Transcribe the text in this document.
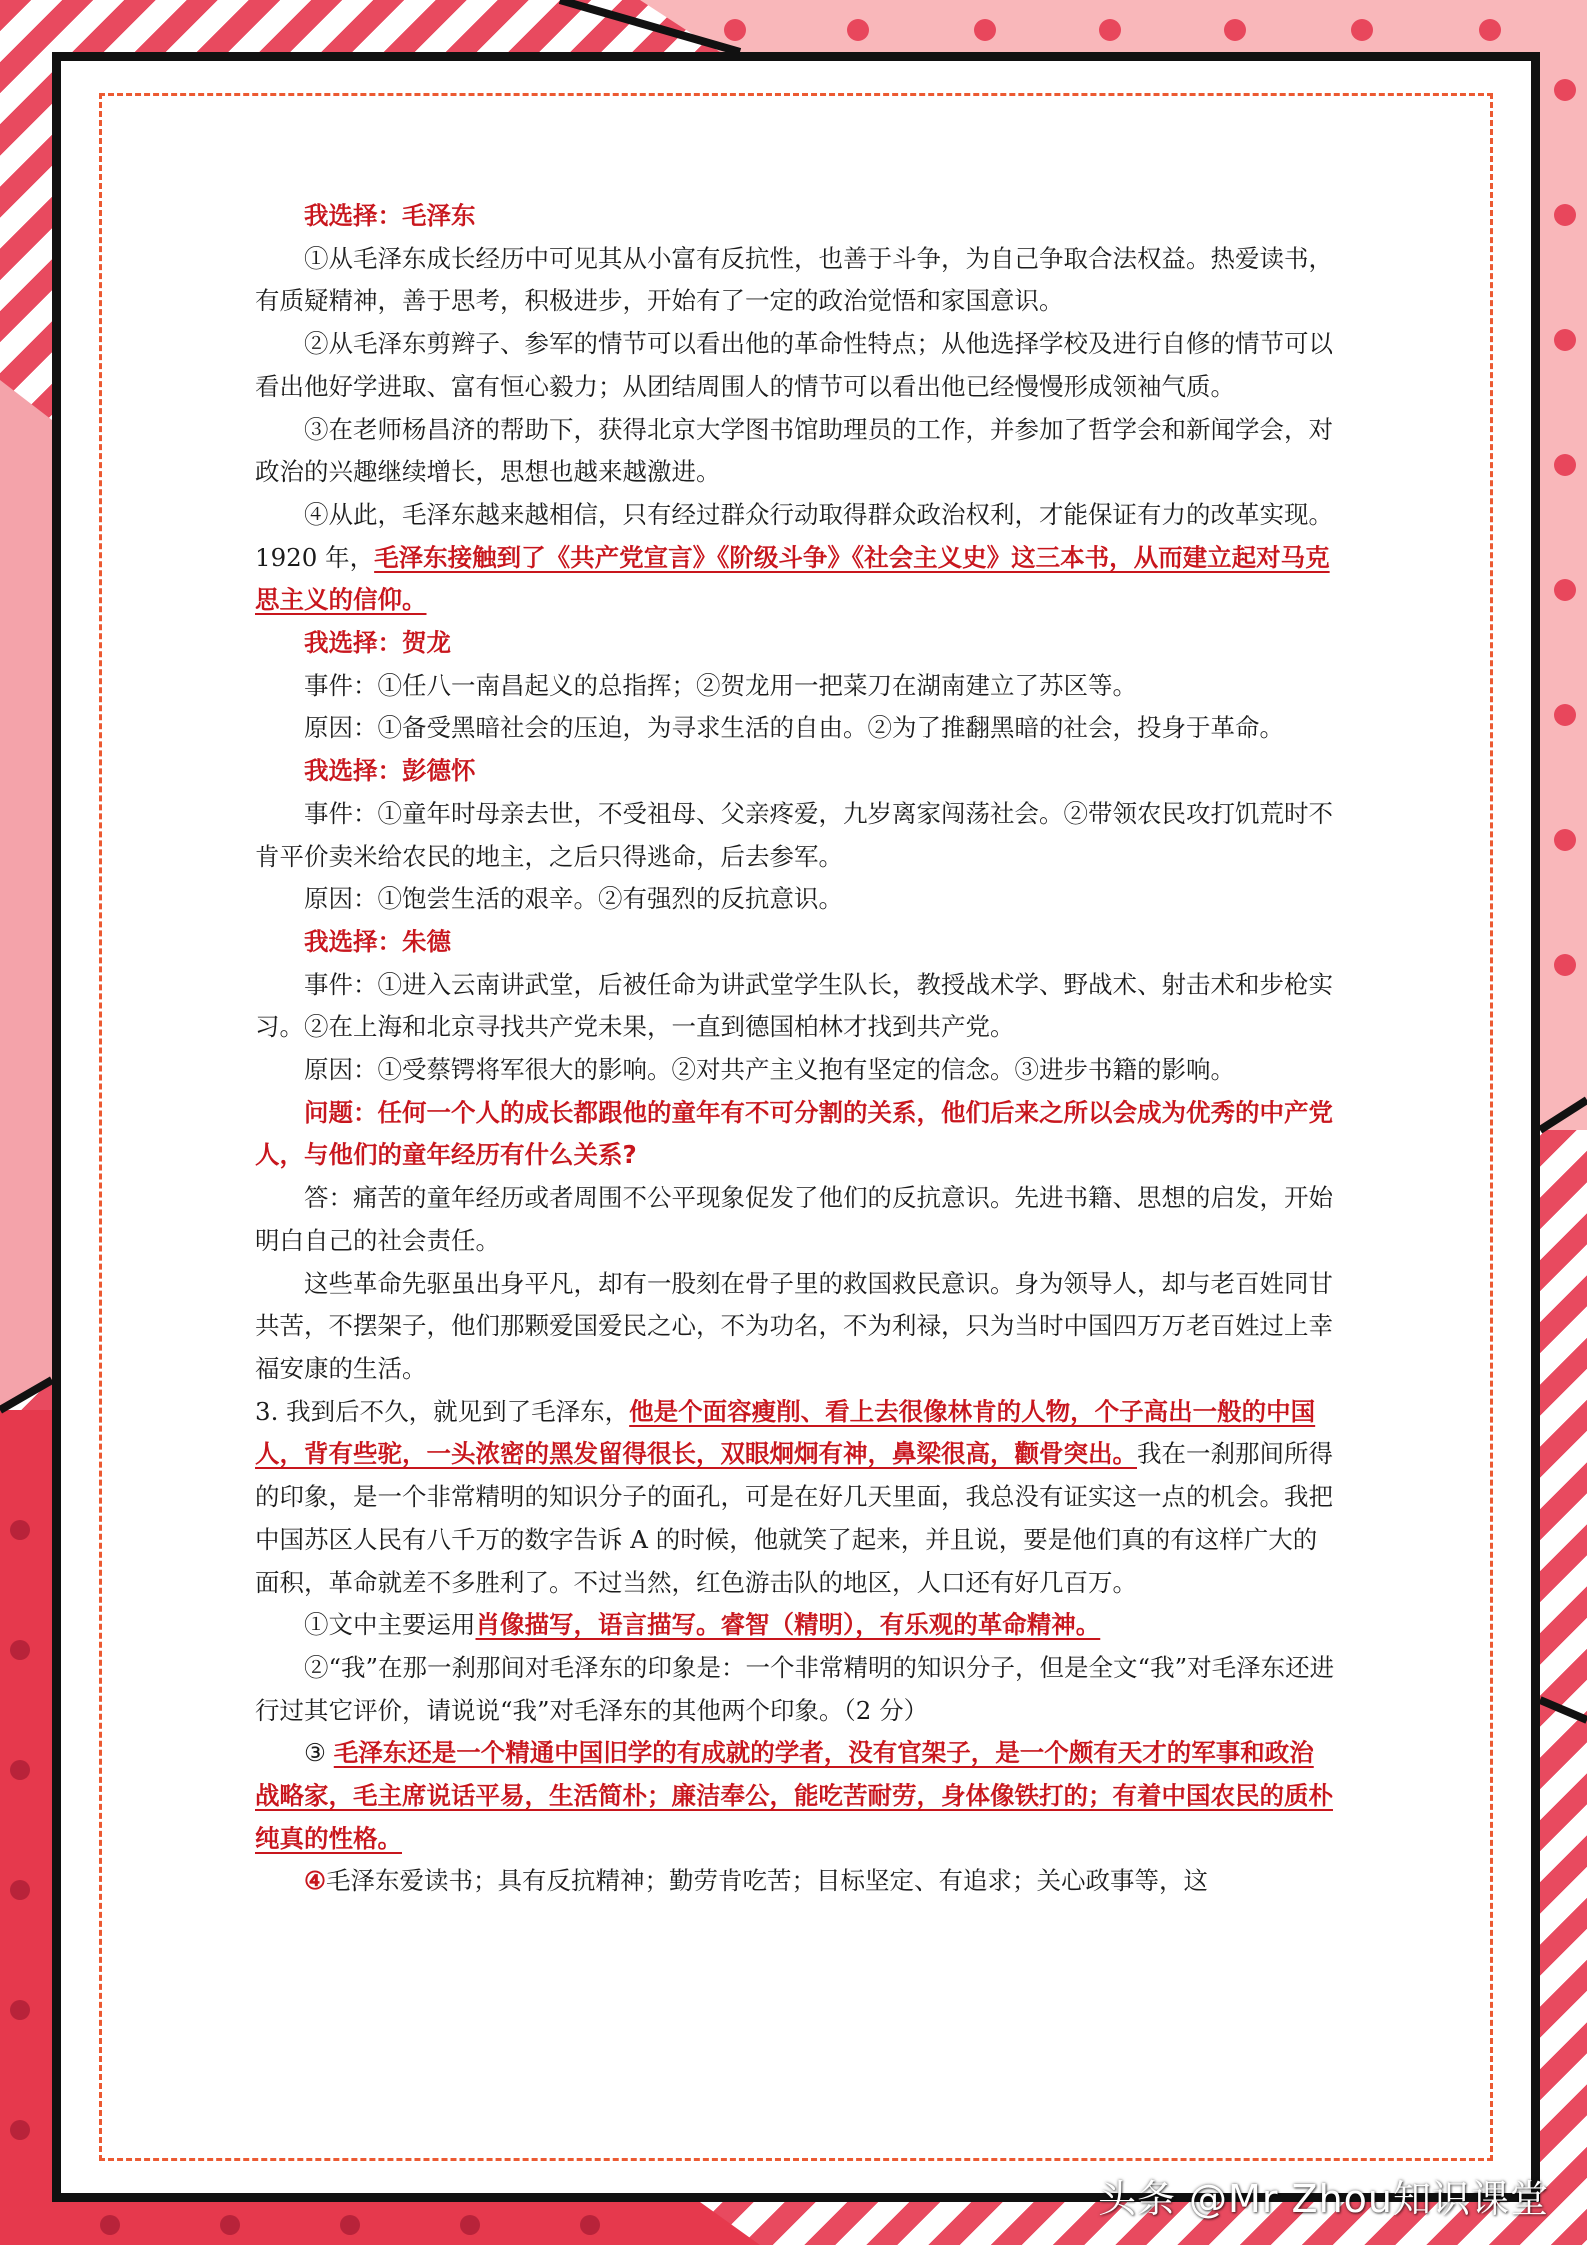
我选择：毛泽东

①从毛泽东成长经历中可见其从小富有反抗性，也善于斗争，为自己争取合法权益。热爱读书，有质疑精神，善于思考，积极进步，开始有了一定的政治觉悟和家国意识。

②从毛泽东剪辫子、参军的情节可以看出他的革命性特点；从他选择学校及进行自修的情节可以看出他好学进取、富有恒心毅力；从团结周围人的情节可以看出他已经慢慢形成领袖气质。

③在老师杨昌济的帮助下，获得北京大学图书馆助理员的工作，并参加了哲学会和新闻学会，对政治的兴趣继续增长，思想也越来越激进。

④从此，毛泽东越来越相信，只有经过群众行动取得群众政治权利，才能保证有力的改革实现。1920 年，毛泽东接触到了《共产党宣言》《阶级斗争》《社会主义史》这三本书，从而建立起对马克思主义的信仰。

我选择：贺龙

事件：①任八一南昌起义的总指挥；②贺龙用一把菜刀在湖南建立了苏区等。

原因：①备受黑暗社会的压迫，为寻求生活的自由。②为了推翻黑暗的社会，投身于革命。

我选择：彭德怀

事件：①童年时母亲去世，不受祖母、父亲疼爱，九岁离家闯荡社会。②带领农民攻打饥荒时不肯平价卖米给农民的地主，之后只得逃命，后去参军。

原因：①饱尝生活的艰辛。②有强烈的反抗意识。

我选择：朱德

事件：①进入云南讲武堂，后被任命为讲武堂学生队长，教授战术学、野战术、射击术和步枪实习。②在上海和北京寻找共产党未果，一直到德国柏林才找到共产党。

原因：①受蔡锷将军很大的影响。②对共产主义抱有坚定的信念。③进步书籍的影响。

问题：任何一个人的成长都跟他的童年有不可分割的关系，他们后来之所以会成为优秀的中产党人，与他们的童年经历有什么关系?

答：痛苦的童年经历或者周围不公平现象促发了他们的反抗意识。先进书籍、思想的启发，开始明白自己的社会责任。

这些革命先驱虽出身平凡，却有一股刻在骨子里的救国救民意识。身为领导人，却与老百姓同甘共苦，不摆架子，他们那颗爱国爱民之心，不为功名，不为利禄，只为当时中国四万万老百姓过上幸福安康的生活。

3. 我到后不久，就见到了毛泽东，他是个面容瘦削、看上去很像林肯的人物，个子高出一般的中国人，背有些驼，一头浓密的黑发留得很长，双眼炯炯有神，鼻梁很高，颧骨突出。我在一刹那间所得的印象，是一个非常精明的知识分子的面孔，可是在好几天里面，我总没有证实这一点的机会。我把中国苏区人民有八千万的数字告诉 A 的时候，他就笑了起来，并且说，要是他们真的有这样广大的面积，革命就差不多胜利了。不过当然，红色游击队的地区，人口还有好几百万。

①文中主要运用肖像描写，语言描写。睿智（精明），有乐观的革命精神。

②“我”在那一刹那间对毛泽东的印象是：一个非常精明的知识分子，但是全文“我”对毛泽东还进行过其它评价，请说说“我”对毛泽东的其他两个印象。（2 分）

③ 毛泽东还是一个精通中国旧学的有成就的学者，没有官架子，是一个颇有天才的军事和政治战略家，毛主席说话平易，生活简朴；廉洁奉公，能吃苦耐劳，身体像铁打的；有着中国农民的质朴纯真的性格。

④毛泽东爱读书；具有反抗精神；勤劳肯吃苦；目标坚定、有追求；关心政事等，这

头条 @Mr Zhou知识课堂
